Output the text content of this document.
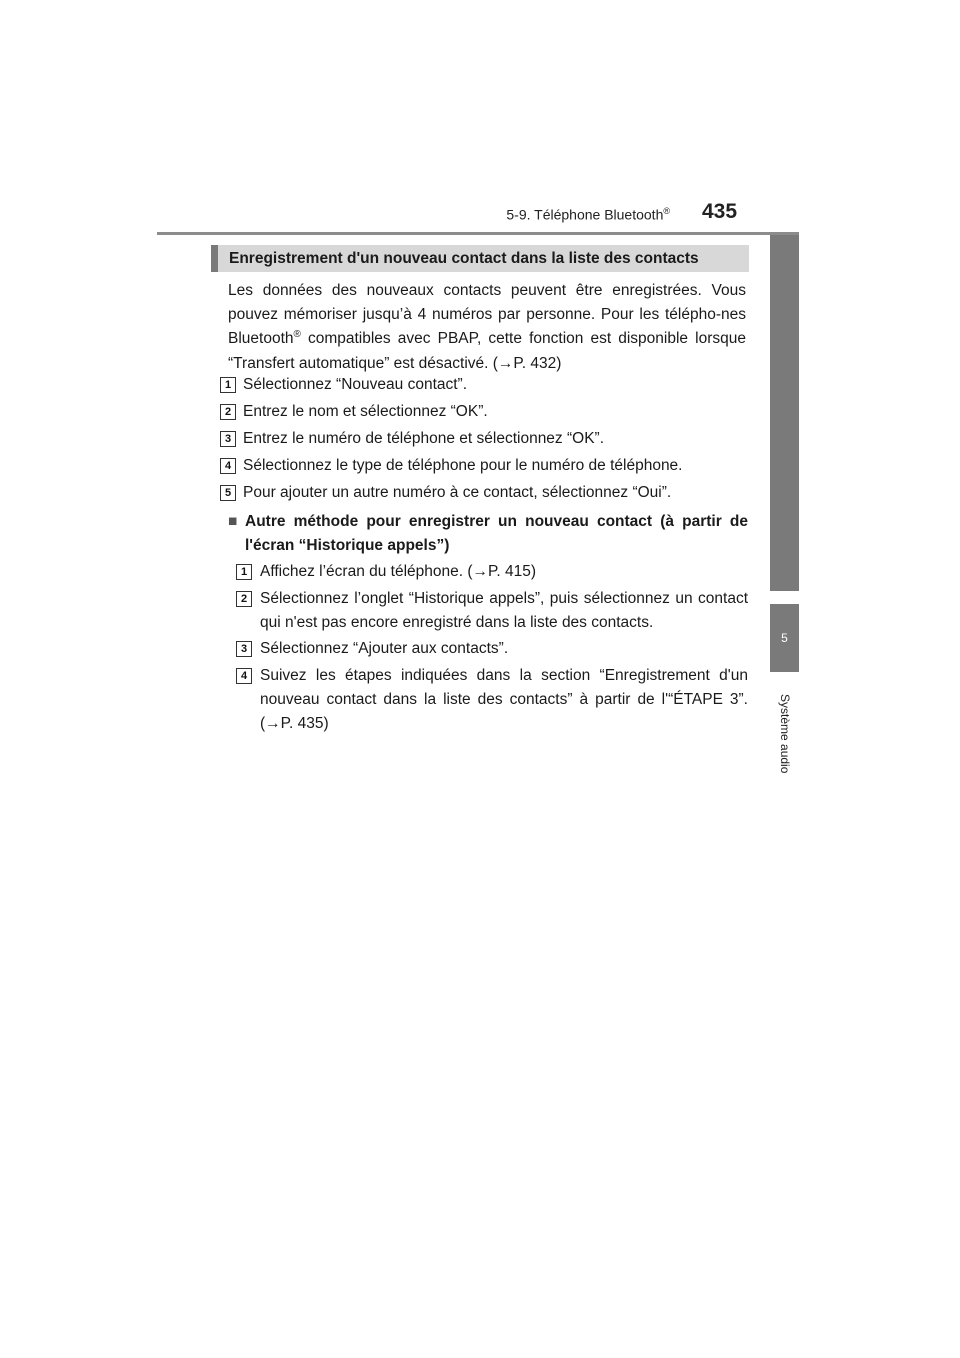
5-9. Téléphone Bluetooth® 435
5
Système audio
Enregistrement d'un nouveau contact dans la liste des contacts

Les données des nouveaux contacts peuvent être enregistrées. Vous pouvez mémoriser jusqu’à 4 numéros par personne. Pour les télépho-nes Bluetooth® compatibles avec PBAP, cette fonction est disponible lorsque “Transfert automatique” est désactivé. (→P. 432)

1 Sélectionnez “Nouveau contact”.

2 Entrez le nom et sélectionnez “OK”.

3 Entrez le numéro de téléphone et sélectionnez “OK”.

4 Sélectionnez le type de téléphone pour le numéro de téléphone.

5 Pour ajouter un autre numéro à ce contact, sélectionnez “Oui”.

■ Autre méthode pour enregistrer un nouveau contact (à partir de l'écran “Historique appels”)
1 Affichez l’écran du téléphone. (→P. 415)

2 Sélectionnez l’onglet “Historique appels”, puis sélectionnez un contact qui n'est pas encore enregistré dans la liste des contacts.

3 Sélectionnez “Ajouter aux contacts”.

4 Suivez les étapes indiquées dans la section “Enregistrement d'un nouveau contact dans la liste des contacts” à partir de l'“ÉTAPE 3”. (→P. 435)
